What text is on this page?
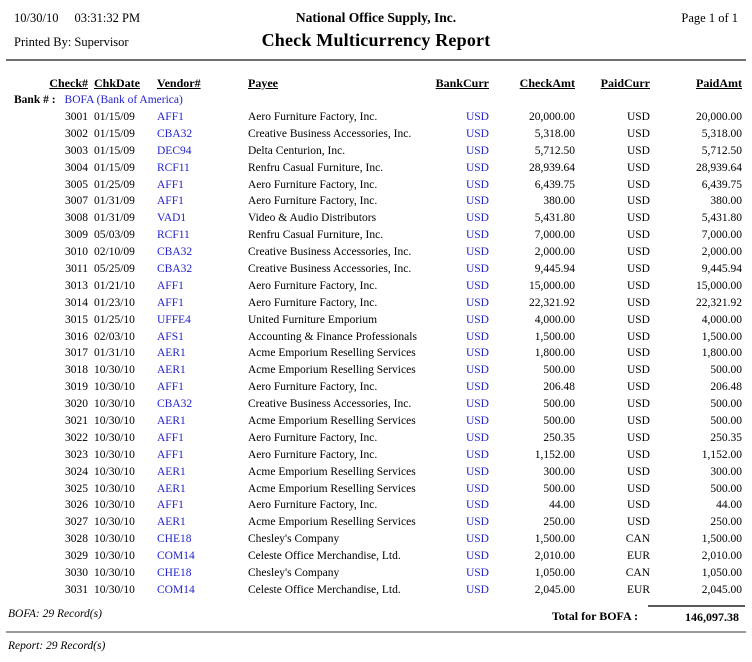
10/30/10 03:31:32 PM	National Office Supply, Inc.	Page 1 of 1
Printed By: Supervisor	Check Multicurrency Report
Check#	ChkDate	Vendor#	Payee	BankCurr	CheckAmt	PaidCurr	PaidAmt
Bank # : BOFA (Bank of America)							
3001	01/15/09	AFF1	Aero Furniture Factory, Inc.	USD	20,000.00	USD	20,000.00
3002	01/15/09	CBA32	Creative Business Accessories, Inc.	USD	5,318.00	USD	5,318.00
3003	01/15/09	DEC94	Delta Centurion, Inc.	USD	5,712.50	USD	5,712.50
3004	01/15/09	RCF11	Renfru Casual Furniture, Inc.	USD	28,939.64	USD	28,939.64
3005	01/25/09	AFF1	Aero Furniture Factory, Inc.	USD	6,439.75	USD	6,439.75
3007	01/31/09	AFF1	Aero Furniture Factory, Inc.	USD	380.00	USD	380.00
3008	01/31/09	VAD1	Video & Audio Distributors	USD	5,431.80	USD	5,431.80
3009	05/03/09	RCF11	Renfru Casual Furniture, Inc.	USD	7,000.00	USD	7,000.00
3010	02/10/09	CBA32	Creative Business Accessories, Inc.	USD	2,000.00	USD	2,000.00
3011	05/25/09	CBA32	Creative Business Accessories, Inc.	USD	9,445.94	USD	9,445.94
3013	01/21/10	AFF1	Aero Furniture Factory, Inc.	USD	15,000.00	USD	15,000.00
3014	01/23/10	AFF1	Aero Furniture Factory, Inc.	USD	22,321.92	USD	22,321.92
3015	01/25/10	UFFE4	United Furniture Emporium	USD	4,000.00	USD	4,000.00
3016	02/03/10	AFS1	Accounting & Finance Professionals	USD	1,500.00	USD	1,500.00
3017	01/31/10	AER1	Acme Emporium Reselling Services	USD	1,800.00	USD	1,800.00
3018	10/30/10	AER1	Acme Emporium Reselling Services	USD	500.00	USD	500.00
3019	10/30/10	AFF1	Aero Furniture Factory, Inc.	USD	206.48	USD	206.48
3020	10/30/10	CBA32	Creative Business Accessories, Inc.	USD	500.00	USD	500.00
3021	10/30/10	AER1	Acme Emporium Reselling Services	USD	500.00	USD	500.00
3022	10/30/10	AFF1	Aero Furniture Factory, Inc.	USD	250.35	USD	250.35
3023	10/30/10	AFF1	Aero Furniture Factory, Inc.	USD	1,152.00	USD	1,152.00
3024	10/30/10	AER1	Acme Emporium Reselling Services	USD	300.00	USD	300.00
3025	10/30/10	AER1	Acme Emporium Reselling Services	USD	500.00	USD	500.00
3026	10/30/10	AFF1	Aero Furniture Factory, Inc.	USD	44.00	USD	44.00
3027	10/30/10	AER1	Acme Emporium Reselling Services	USD	250.00	USD	250.00
3028	10/30/10	CHE18	Chesley's Company	USD	1,500.00	CAN	1,500.00
3029	10/30/10	COM14	Celeste Office Merchandise, Ltd.	USD	2,010.00	EUR	2,010.00
3030	10/30/10	CHE18	Chesley's Company	USD	1,050.00	CAN	1,050.00
3031	10/30/10	COM14	Celeste Office Merchandise, Ltd.	USD	2,045.00	EUR	2,045.00
BOFA: 29 Record(s)	Total for BOFA :	146,097.38
Report: 29 Record(s)
